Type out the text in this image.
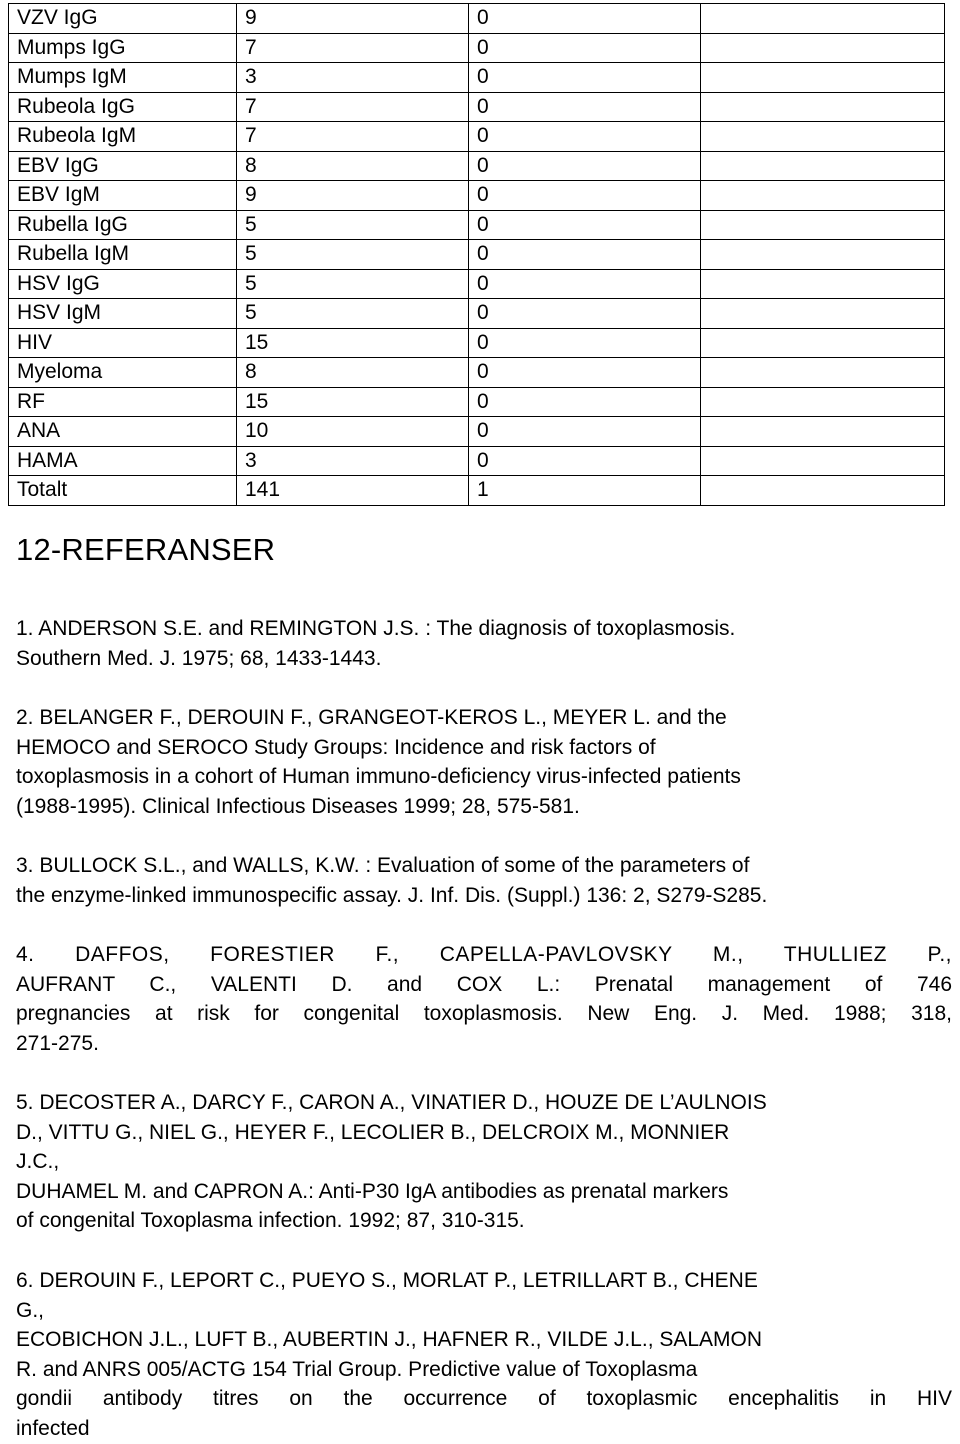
VZV IgG	9	0	
Mumps IgG	7	0	
Mumps IgM	3	0	
Rubeola IgG	7	0	
Rubeola IgM	7	0	
EBV IgG	8	0	
EBV IgM	9	0	
Rubella IgG	5	0	
Rubella IgM	5	0	
HSV IgG	5	0	
HSV IgM	5	0	
HIV	15	0	
Myeloma	8	0	
RF	15	0	
ANA	10	0	
HAMA	3	0	
Totalt	141	1	
12-REFERANSER
1. ANDERSON S.E. and REMINGTON J.S. : The diagnosis of toxoplasmosis.
Southern Med. J. 1975; 68, 1433-1443.
2. BELANGER F., DEROUIN F., GRANGEOT-KEROS L., MEYER L. and the
HEMOCO and SEROCO Study Groups: Incidence and risk factors of
toxoplasmosis in a cohort of Human immuno-deficiency virus-infected patients
(1988-1995). Clinical Infectious Diseases 1999; 28, 575-581.
3. BULLOCK S.L., and WALLS, K.W. : Evaluation of some of the parameters of
the enzyme-linked immunospecific assay. J. Inf. Dis. (Suppl.) 136: 2, S279-S285.
4. DAFFOS, FORESTIER F., CAPELLA-PAVLOVSKY M., THULLIEZ P.,
AUFRANT C., VALENTI D. and COX L.: Prenatal management of 746
pregnancies at risk for congenital toxoplasmosis. New Eng. J. Med. 1988; 318,
271-275.
5. DECOSTER A., DARCY F., CARON A., VINATIER D., HOUZE DE L’AULNOIS
D., VITTU G., NIEL G., HEYER F., LECOLIER B., DELCROIX M., MONNIER
J.C.,
DUHAMEL M. and CAPRON A.: Anti-P30 IgA antibodies as prenatal markers
of congenital Toxoplasma infection. 1992; 87, 310-315.
6. DEROUIN F., LEPORT C., PUEYO S., MORLAT P., LETRILLART B., CHENE
G.,
ECOBICHON J.L., LUFT B., AUBERTIN J., HAFNER R., VILDE J.L., SALAMON
R. and ANRS 005/ACTG 154 Trial Group. Predictive value of Toxoplasma
gondii antibody titres on the occurrence of toxoplasmic encephalitis in HIV
infected
